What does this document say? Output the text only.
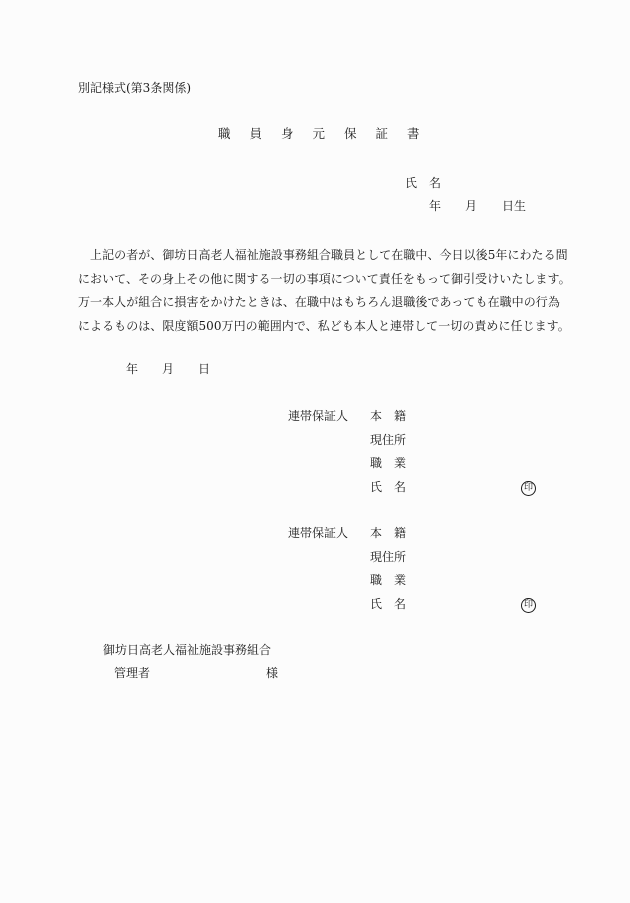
別記様式(第3条関係)
職 員 身 元 保 証 書
氏 名
年 月 日生

　上記の者が、御坊日高老人福祉施設事務組合職員として在職中、今日以後5年にわたる間

において、その身上その他に関する一切の事項について責任をもって御引受けいたします。

万一本人が組合に損害をかけたときは、在職中はもちろん退職後であっても在職中の行為

によるものは、限度額500万円の範囲内で、私ども本人と連帯して一切の責めに任じます。

年 月 日
連帯保証人 本　籍
現住所
職　業
氏　名	印
連帯保証人 本　籍
現住所
職　業
氏　名	印
御坊日高老人福祉施設事務組合
管理者	様
